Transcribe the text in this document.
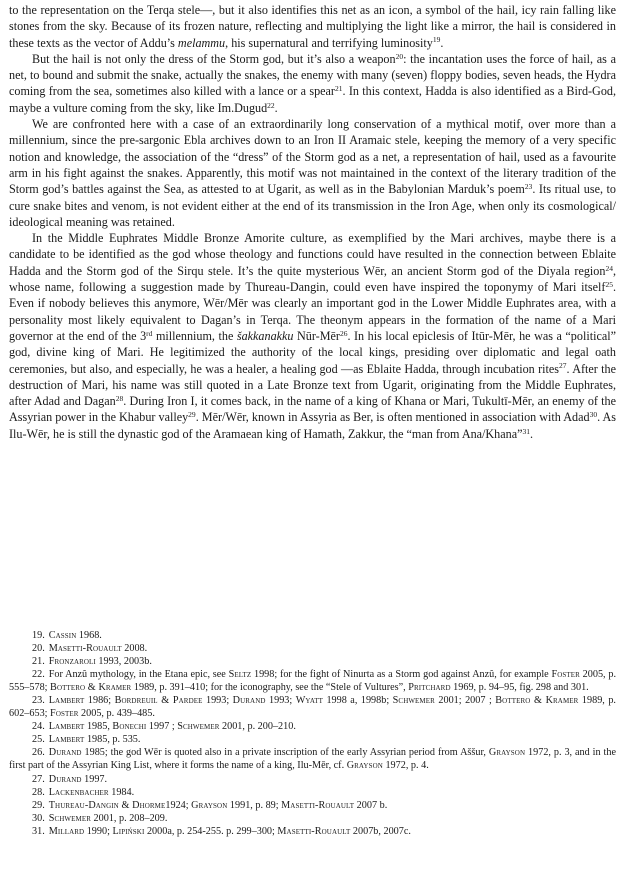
to the representation on the Terqa stele—, but it also identifies this net as an icon, a symbol of the hail, icy rain falling like stones from the sky. Because of its frozen nature, reflecting and multiplying the light like a mirror, the hail is considered in these texts as the vector of Addu’s melammu, his supernatural and terrifying luminosity$^{19}$.

But the hail is not only the dress of the Storm god, but it’s also a weapon$^{20}$: the incantation uses the force of hail, as a net, to bound and submit the snake, actually the snakes, the enemy with many (seven) floppy bodies, seven heads, the Hydra coming from the sea, sometimes also killed with a lance or a spear$^{21}$. In this context, Hadda is also identified as a Bird-God, maybe a vulture coming from the sky, like Im.Dugud$^{22}$.

We are confronted here with a case of an extraordinarily long conservation of a mythical motif, over more than a millennium, since the pre-sargonic Ebla archives down to an Iron II Aramaic stele, keeping the memory of a very specific notion and knowledge, the association of the “dress” of the Storm god as a net, a representation of hail, used as a favourite arm in his fight against the snakes. Apparently, this motif was not maintained in the context of the literary tradition of the Storm god’s battles against the Sea, as attested to at Ugarit, as well as in the Babylonian Marduk’s poem$^{23}$. Its ritual use, to cure snake bites and venom, is not evident either at the end of its transmission in the Iron Age, when only its cosmological/ ideological meaning was retained.

In the Middle Euphrates Middle Bronze Amorite culture, as exemplified by the Mari archives, maybe there is a candidate to be identified as the god whose theology and functions could have resulted in the connection between Eblaite Hadda and the Storm god of the Sirqu stele. It’s the quite mysterious Wēr, an ancient Storm god of the Diyala region$^{24}$, whose name, following a suggestion made by Thureau-Dangin, could even have inspired the toponymy of Mari itself$^{25}$. Even if nobody believes this anymore, Wēr/Mēr was clearly an important god in the Lower Middle Euphrates area, with a personality most likely equivalent to Dagan’s in Terqa. The theonym appears in the formation of the name of a Mari governor at the end of the 3rd millennium, the šakkanakku Nūr-Mēr$^{26}$. In his local epiclesis of Itūr-Mēr, he was a “political” god, divine king of Mari. He legitimized the authority of the local kings, presiding over diplomatic and legal oath ceremonies, but also, and especially, he was a healer, a healing god —as Eblaite Hadda, through incubation rites$^{27}$. After the destruction of Mari, his name was still quoted in a Late Bronze text from Ugarit, originating from the Middle Euphrates, after Adad and Dagan$^{28}$. During Iron I, it comes back, in the name of a king of Khana or Mari, Tukultī-Mēr, an enemy of the Assyrian power in the Khabur valley$^{29}$. Mēr/Wēr, known in Assyria as Ber, is often mentioned in association with Adad$^{30}$. As Ilu-Wēr, he is still the dynastic god of the Aramaean king of Hamath, Zakkur, the “man from Ana/Khana”$^{31}$.

19. Cassin 1968.

20. Masetti-Rouault 2008.

21. Fronzaroli 1993, 2003b.

22. For Anzû mythology, in the Etana epic, see Seltz 1998; for the fight of Ninurta as a Storm god against Anzû, for example Foster 2005, p. 555–578; Bottero & Kramer 1989, p. 391–410; for the iconography, see the “Stele of Vultures”, Pritchard 1969, p. 94–95, fig. 298 and 301.

23. Lambert 1986; Bordreuil & Pardee 1993; Durand 1993; Wyatt 1998 a, 1998b; Schwemer 2001; 2007 ; Bottero & Kramer 1989, p. 602–653; Foster 2005, p. 439–485.

24. Lambert 1985, Bonechi 1997 ; Schwemer 2001, p. 200–210.

25. Lambert 1985, p. 535.

26. Durand 1985; the god Wēr is quoted also in a private inscription of the early Assyrian period from Aššur, Grayson 1972, p. 3, and in the first part of the Assyrian King List, where it forms the name of a king, Ilu-Mēr, cf. Grayson 1972, p. 4.

27. Durand 1997.

28. Lackenbacher 1984.

29. Thureau-Dangin & Dhorme1924; Grayson 1991, p. 89; Masetti-Rouault 2007 b.

30. Schwemer 2001, p. 208–209.

31. Millard 1990; Lipiński 2000a, p. 254-255. p. 299–300; Masetti-Rouault 2007b, 2007c.
